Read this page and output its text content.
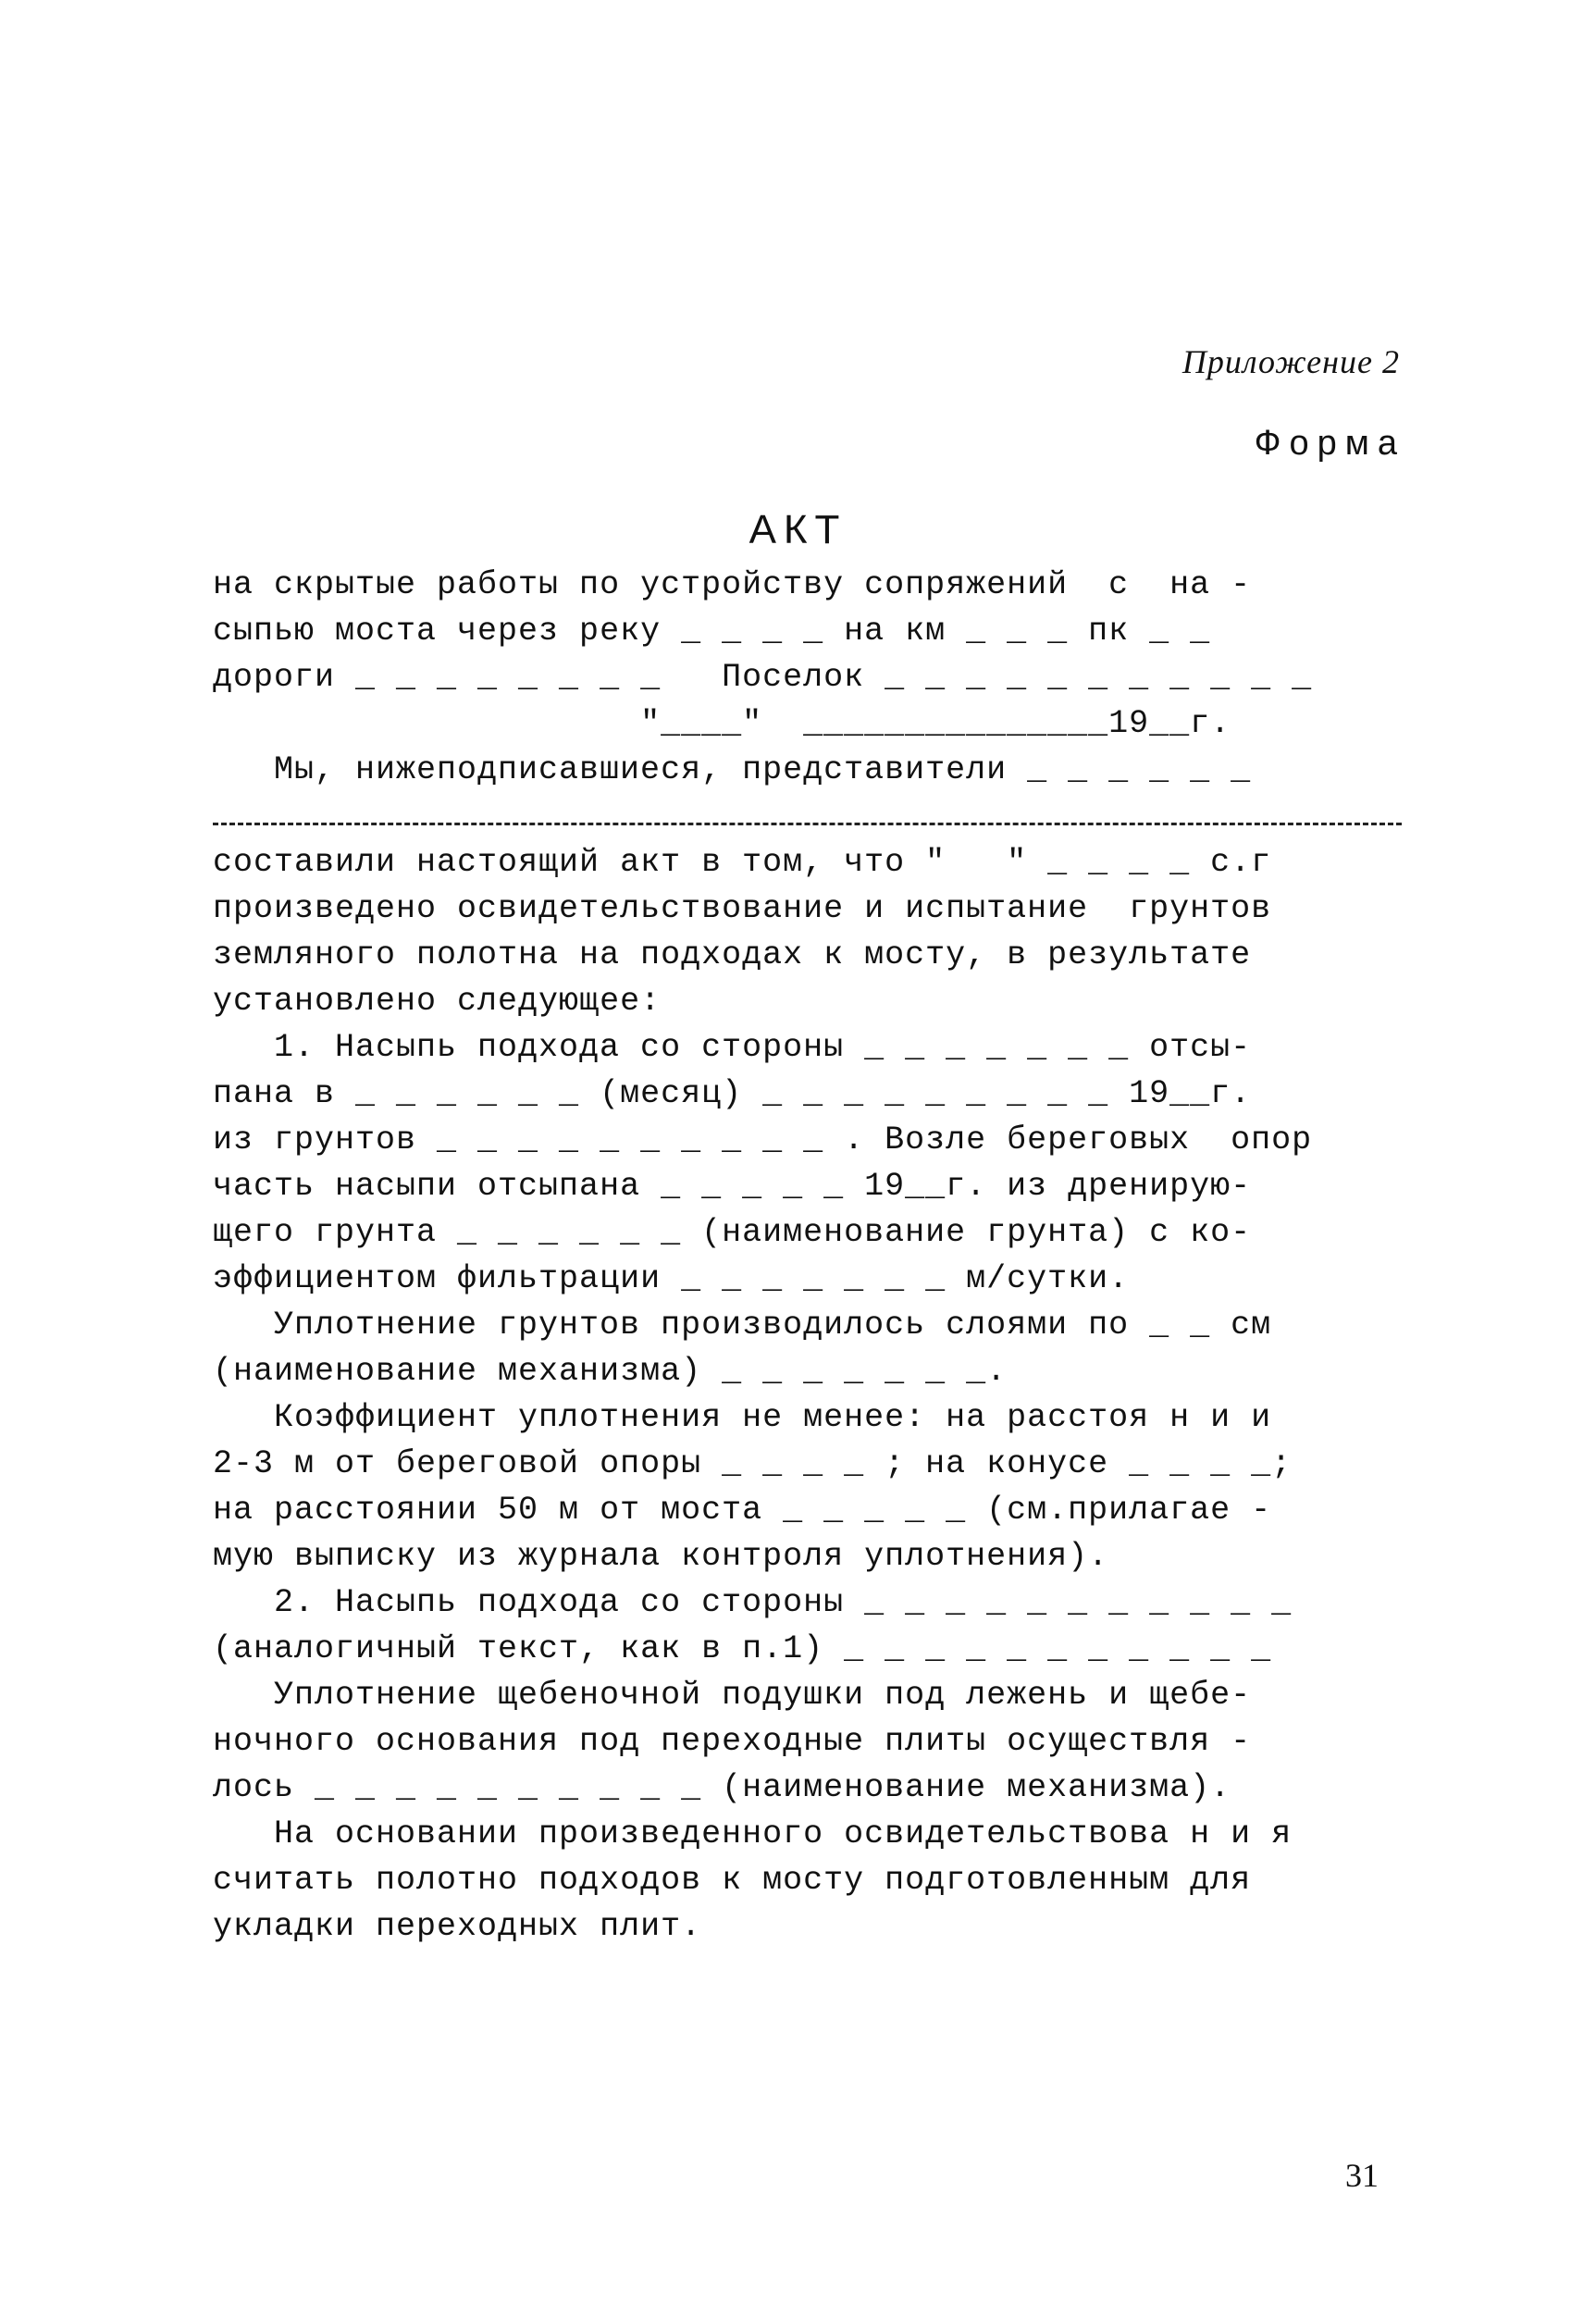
Приложение 2
Форма
АКТ
на скрытые работы по устройству сопряжений  с  на -
сыпью моста через реку _ _ _ _ на км _ _ _ пк _ _
дороги _ _ _ _ _ _ _ _   Поселок _ _ _ _ _ _ _ _ _ _ _
"____"  _______________19__г.
Мы, нижеподписавшиеся, представители _ _ _ _ _ _
составили настоящий акт в том, что "   " _ _ _ _ с.г
произведено освидетельствование и испытание  грунтов
земляного полотна на подходах к мосту, в результате
установлено следующее:
1. Насыпь подхода со стороны _ _ _ _ _ _ _ отсы-
пана в _ _ _ _ _ _ (месяц) _ _ _ _ _ _ _ _ _ 19__г.
из грунтов _ _ _ _ _ _ _ _ _ _ . Возле береговых  опор
часть насыпи отсыпана _ _ _ _ _ 19__г. из дренирую-
щего грунта _ _ _ _ _ _ (наименование грунта) с ко-
эффициентом фильтрации _ _ _ _ _ _ _ м/сутки.
Уплотнение грунтов производилось слоями по _ _ см
(наименование механизма) _ _ _ _ _ _ _.
Коэффициент уплотнения не менее: на расстоя н и и
2-3 м от береговой опоры _ _ _ _ ; на конусе _ _ _ _;
на расстоянии 50 м от моста _ _ _ _ _ (см.прилагае -
мую выписку из журнала контроля уплотнения).
2. Насыпь подхода со стороны _ _ _ _ _ _ _ _ _ _ _
(аналогичный текст, как в п.1) _ _ _ _ _ _ _ _ _ _ _
Уплотнение щебеночной подушки под лежень и щебе-
ночного основания под переходные плиты осуществля -
лось _ _ _ _ _ _ _ _ _ _ (наименование механизма).
На основании произведенного освидетельствова н и я
считать полотно подходов к мосту подготовленным для
укладки переходных плит.
31
